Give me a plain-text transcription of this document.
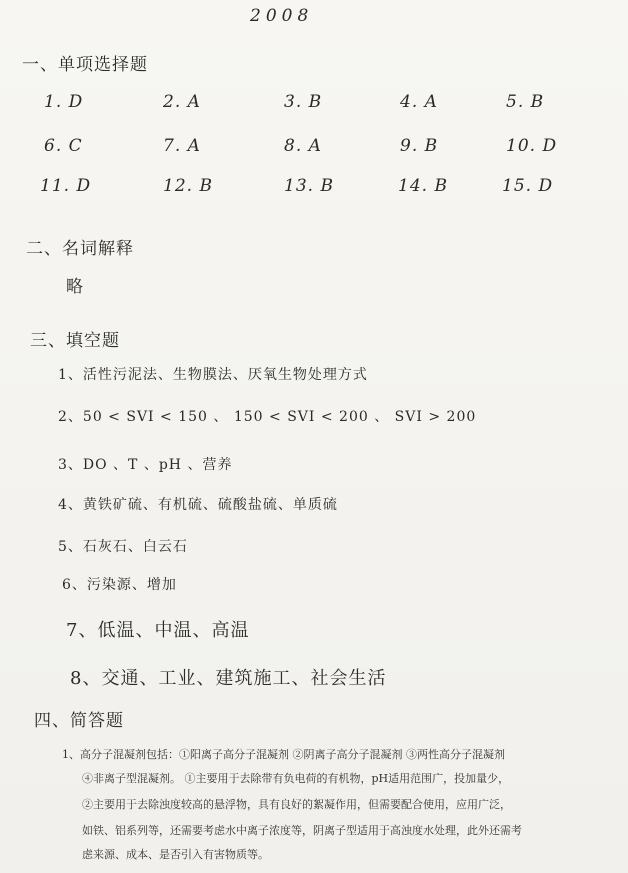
2008
一、单项选择题
1. D	2. A	3. B	4. A	5. B
6. C	7. A	8. A	9. B	10. D
11. D	12. B	13. B	14. B	15. D
二、名词解释
略
三、填空题
1、活性污泥法、生物膜法、厌氧生物处理方式
2、50 < SVI < 150 、 150 < SVI < 200 、 SVI > 200
3、DO 、T 、pH 、营养
4、黄铁矿硫、有机硫、硫酸盐硫、单质硫
5、石灰石、白云石
6、污染源、增加
7、低温、中温、高温
8、交通、工业、建筑施工、社会生活
四、简答题
1、高分子混凝剂包括：①阳离子高分子混凝剂 ②阴离子高分子混凝剂 ③两性高分子混凝剂
④非离子型混凝剂。 ①主要用于去除带有负电荷的有机物，pH适用范围广，投加量少，
②主要用于去除浊度较高的悬浮物，具有良好的絮凝作用，但需要配合使用，应用广泛，
如铁、铝系列等，还需要考虑水中离子浓度等，阴离子型适用于高浊度水处理，此外还需考
虑来源、成本、是否引入有害物质等。
